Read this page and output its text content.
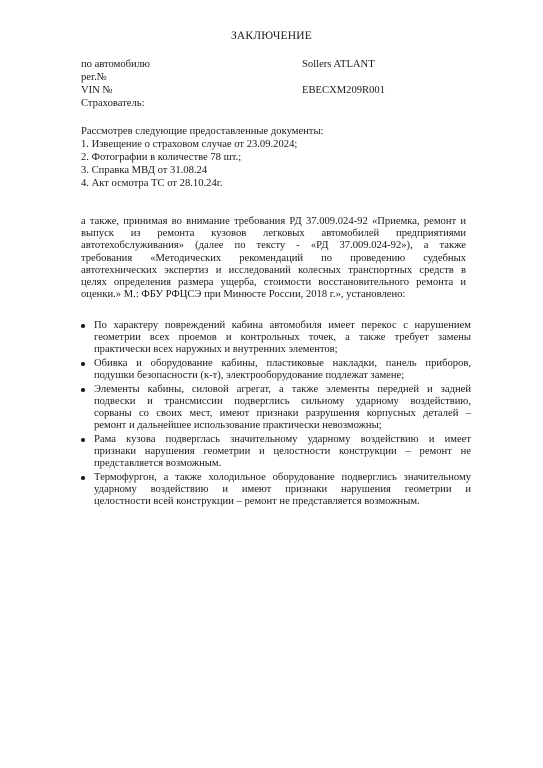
ЗАКЛЮЧЕНИЕ
по автомобилю	Sollers ATLANT
рег.№
VIN №	EBECXM209R001
Страхователь:
Рассмотрев следующие предоставленные документы:
1. Извещение о страховом случае от 23.09.2024;
2. Фотографии в количестве 78 шт.;
3. Справка МВД от 31.08.24
4. Акт осмотра ТС от 28.10.24г.
а также, принимая во внимание требования РД 37.009.024-92 «Приемка, ремонт и
выпуск из ремонта кузовов легковых автомобилей предприятиями
автотехобслуживания» (далее по тексту - «РД 37.009.024-92»), а также
требования «Методических рекомендаций по проведению судебных
автотехнических экспертиз и исследований колесных транспортных средств в
целях определения размера ущерба, стоимости восстановительного ремонта и
оценки.» М.: ФБУ РФЦСЭ при Минюсте России, 2018 г.», установлено:
По характеру повреждений кабина автомобиля имеет перекос с нарушением
геометрии всех проемов и контрольных точек, а также требует замены
практически всех наружных и внутренних элементов;
Обивка и оборудование кабины, пластиковые накладки, панель приборов,
подушки безопасности (к-т), электрооборудование подлежат замене;
Элементы кабины, силовой агрегат, а также элементы передней и задней
подвески и трансмиссии подверглись сильному ударному воздействию,
сорваны со своих мест, имеют признаки разрушения корпусных деталей –
ремонт и дальнейшее использование практически невозможны;
Рама кузова подверглась значительному ударному воздействию и имеет
признаки нарушения геометрии и целостности конструкции – ремонт не
представляется возможным.
Термофургон, а также холодильное оборудование подверглись значительному
ударному воздействию и имеют признаки нарушения геометрии и
целостности всей конструкции – ремонт не представляется возможным.
